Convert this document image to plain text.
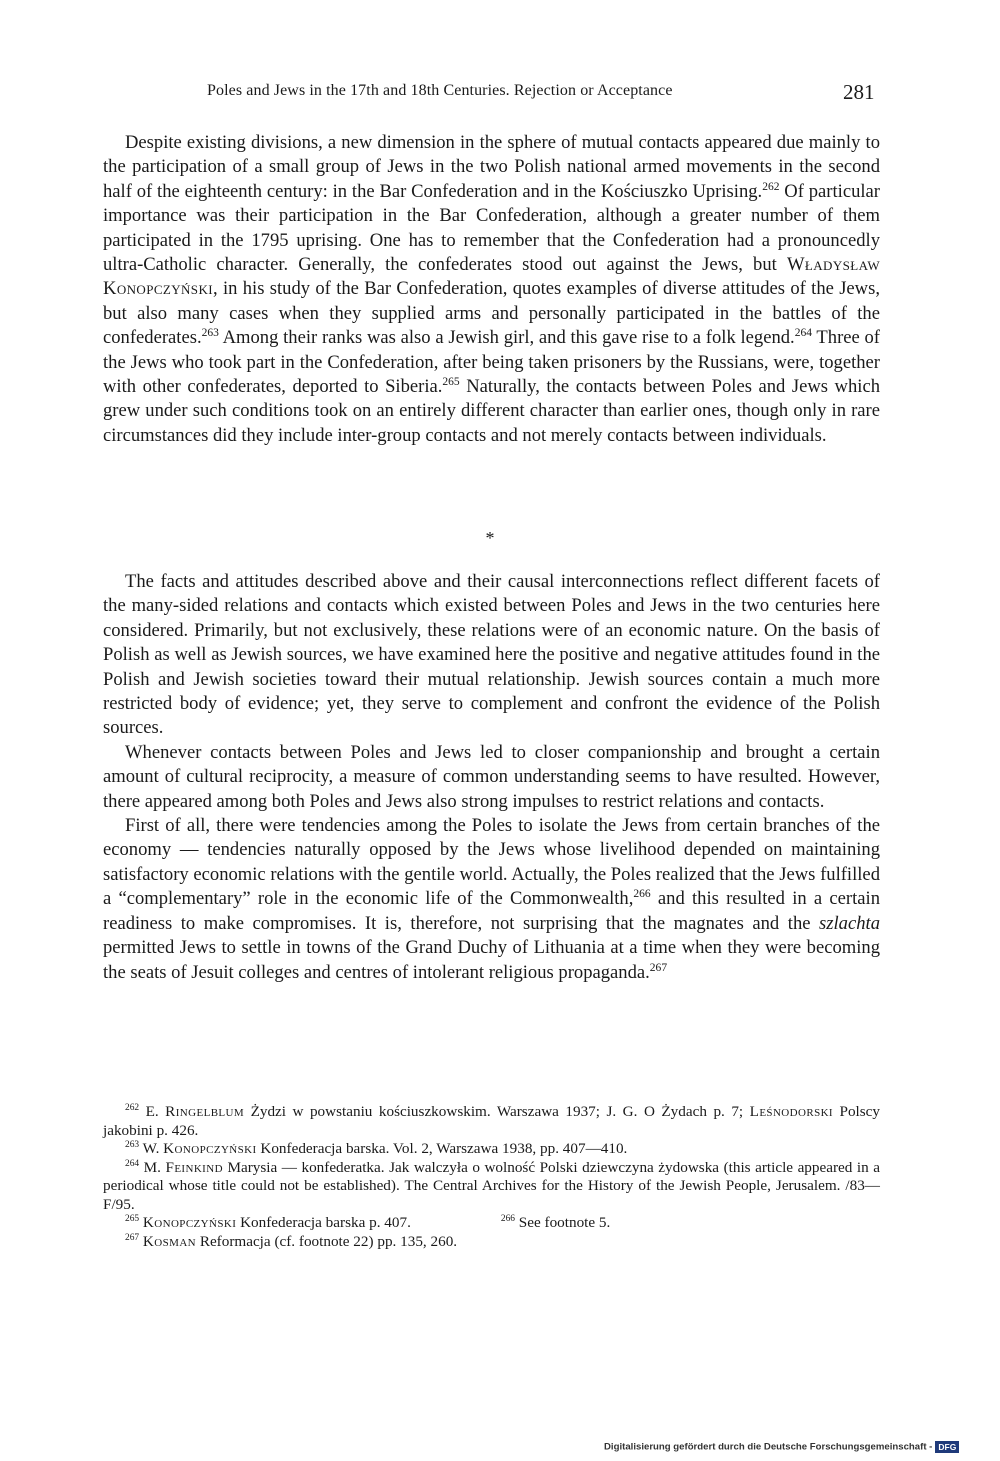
Poles and Jews in the 17th and 18th Centuries. Rejection or Acceptance	281

Despite existing divisions, a new dimension in the sphere of mutual contacts appeared due mainly to the participation of a small group of Jews in the two Polish national armed movements in the second half of the eighteenth century: in the Bar Confederation and in the Kościuszko Uprising.$^{262}$ Of particular importance was their participation in the Bar Confederation, although a greater number of them participated in the 1795 uprising. One has to remember that the Confederation had a pronouncedly ultra-Catholic character. Generally, the confederates stood out against the Jews, but Władysław Konopczyński, in his study of the Bar Confederation, quotes examples of diverse attitudes of the Jews, but also many cases when they supplied arms and personally participated in the battles of the confederates.$^{263}$ Among their ranks was also a Jewish girl, and this gave rise to a folk legend.$^{264}$ Three of the Jews who took part in the Confederation, after being taken prisoners by the Russians, were, together with other confederates, deported to Siberia.$^{265}$ Naturally, the contacts between Poles and Jews which grew under such conditions took on an entirely different character than earlier ones, though only in rare circumstances did they include inter-group contacts and not merely contacts between individuals.

*

The facts and attitudes described above and their causal interconnections reflect different facets of the many-sided relations and contacts which existed between Poles and Jews in the two centuries here considered. Primarily, but not exclusively, these relations were of an economic nature. On the basis of Polish as well as Jewish sources, we have examined here the positive and negative attitudes found in the Polish and Jewish societies toward their mutual relationship. Jewish sources contain a much more restricted body of evidence; yet, they serve to complement and confront the evidence of the Polish sources.

Whenever contacts between Poles and Jews led to closer companionship and brought a certain amount of cultural reciprocity, a measure of common understanding seems to have resulted. However, there appeared among both Poles and Jews also strong impulses to restrict relations and contacts.

First of all, there were tendencies among the Poles to isolate the Jews from certain branches of the economy — tendencies naturally opposed by the Jews whose livelihood depended on maintaining satisfactory economic relations with the gentile world. Actually, the Poles realized that the Jews fulfilled a “complementary” role in the economic life of the Commonwealth,$^{266}$ and this resulted in a certain readiness to make compromises. It is, therefore, not surprising that the magnates and the szlachta permitted Jews to settle in towns of the Grand Duchy of Lithuania at a time when they were becoming the seats of Jesuit colleges and centres of intolerant religious propaganda.$^{267}$

$^{262}$ E. Ringelblum Żydzi w powstaniu kościuszkowskim. Warszawa 1937; J. G. O Żydach p. 7; Leśnodorski Polscy jakobini p. 426.

$^{263}$ W. Konopczyński Konfederacja barska. Vol. 2, Warszawa 1938, pp. 407—410.

$^{264}$ M. Feinkind Marysia — konfederatka. Jak walczyła o wolność Polski dziewczyna żydowska (this article appeared in a periodical whose title could not be established). The Central Archives for the History of the Jewish People, Jerusalem. /83—F/95.

$^{265}$ Konopczyński Konfederacja barska p. 407.	$^{266}$ See footnote 5.

$^{267}$ Kosman Reformacja (cf. footnote 22) pp. 135, 260.

Digitalisierung gefördert durch die Deutsche Forschungsgemeinschaft - DFG
